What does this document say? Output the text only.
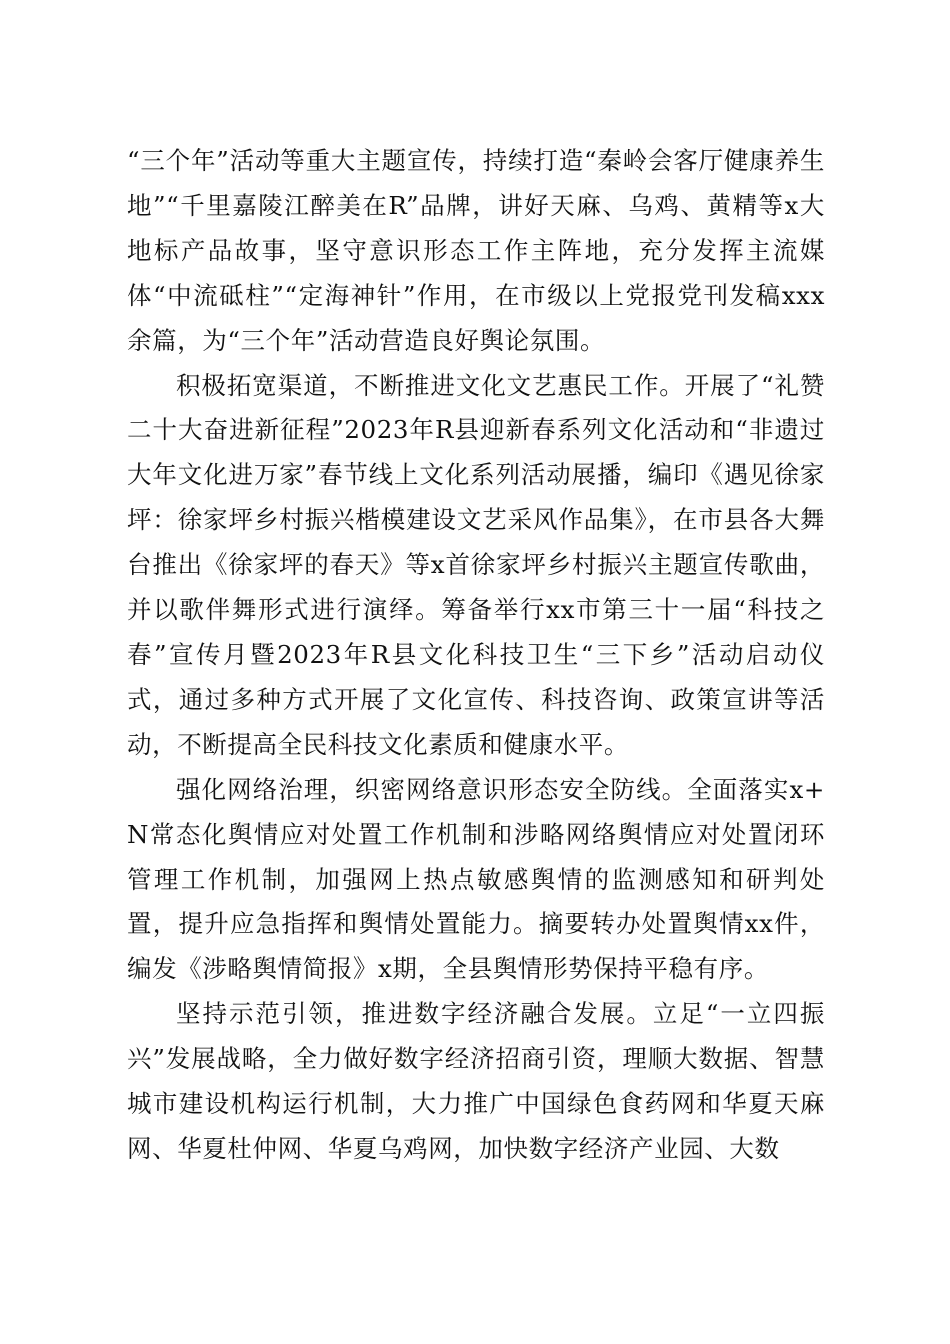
“三个年”活动等重大主题宣传，持续打造“秦岭会客厅健康养生地”“千里嘉陵江醉美在R”品牌，讲好天麻、乌鸡、黄精等x大地标产品故事，坚守意识形态工作主阵地，充分发挥主流媒体“中流砥柱”“定海神针”作用，在市级以上党报党刊发稿xxx余篇，为“三个年”活动营造良好舆论氛围。

积极拓宽渠道，不断推进文化文艺惠民工作。开展了“礼赞二十大奋进新征程”2023年R县迎新春系列文化活动和“非遗过大年文化进万家”春节线上文化系列活动展播，编印《遇见徐家坪：徐家坪乡村振兴楷模建设文艺采风作品集》，在市县各大舞台推出《徐家坪的春天》等x首徐家坪乡村振兴主题宣传歌曲，并以歌伴舞形式进行演绎。筹备举行xx市第三十一届“科技之春”宣传月暨2023年R县文化科技卫生“三下乡”活动启动仪式，通过多种方式开展了文化宣传、科技咨询、政策宣讲等活动，不断提高全民科技文化素质和健康水平。

强化网络治理，织密网络意识形态安全防线。全面落实x+N常态化舆情应对处置工作机制和涉略网络舆情应对处置闭环管理工作机制，加强网上热点敏感舆情的监测感知和研判处置，提升应急指挥和舆情处置能力。摘要转办处置舆情xx件，编发《涉略舆情简报》x期，全县舆情形势保持平稳有序。

坚持示范引领，推进数字经济融合发展。立足“一立四振兴”发展战略，全力做好数字经济招商引资，理顺大数据、智慧城市建设机构运行机制，大力推广中国绿色食药网和华夏天麻网、华夏杜仲网、华夏乌鸡网，加快数字经济产业园、大数
